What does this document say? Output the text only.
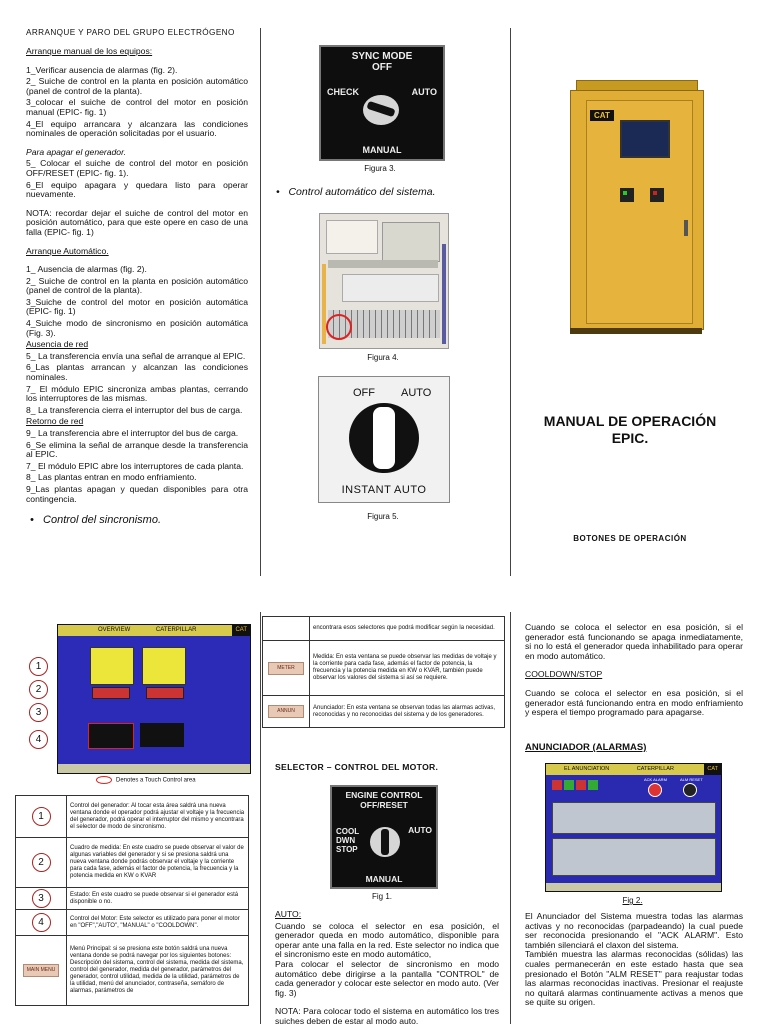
ARRANQUE Y PARO DEL GRUPO ELECTRÓGENO
Arranque manual de los equipos:
1_Verificar ausencia de alarmas (fig. 2).
2_ Suiche de control en la planta en posición automático (panel de control de la planta).
3_colocar el suiche de control del motor en posición manual (EPIC- fig. 1)
4_El equipo arrancara y alcanzara las condiciones nominales de operación solicitadas por el usuario.
Para apagar el generador.
5_ Colocar el suiche de control del motor en posición OFF/RESET (EPIC- fig. 1).
6_El equipo apagara y quedara listo para operar nuevamente.
NOTA: recordar dejar el suiche de control del motor en posición automático, para que este opere en caso de una falla (EPIC- fig. 1)
Arranque Automático.
1_ Ausencia de alarmas (fig. 2).
2_ Suiche de control en la planta en posición automático (panel de control de la planta).
3_Suiche de control del motor en posición automática (EPIC- fig. 1)
4_Suiche modo de sincronismo en posición automática (Fig. 3).
Ausencia de red
5_ La transferencia envía una señal de arranque al EPIC.
6_Las plantas arrancan y alcanzan las condiciones nominales.
7_ El módulo EPIC sincroniza ambas plantas, cerrando los interruptores de las mismas.
8_ La transferencia cierra el interruptor del bus de carga.
Retorno de red
9_ La transferencia abre el interruptor del bus de carga.
6_Se elimina la señal de arranque desde la transferencia al EPIC.
7_ El módulo EPIC abre los interruptores de cada planta.
8_ Las plantas entran en modo enfriamiento.
9_Las plantas apagan y quedan disponibles para otra contingencia.
•   Control del sincronismo.
SYNC MODE
OFF
CHECK	AUTO
MANUAL
Figura 3.
•   Control automático del sistema.
Figura 4.
OFF AUTO
INSTANT AUTO
Figura 5.
CAT
MANUAL DE OPERACIÓN EPIC.
BOTONES DE OPERACIÓN
OVERVIEW	CATERPILLAR	CAT
1
2
3
4
Denotes a Touch Control area
1	Control del generador: Al tocar esta área saldrá una nueva ventana donde el operador podrá ajustar el voltaje y la frecuencia del generador, podrá operar el interruptor del mismo y encontrara el selector de modo de sincronismo.

2	Cuadro de medida: En este cuadro se puede observar el valor de algunas variables del generador y si se presiona saldrá una nueva ventana donde podrás observar el voltaje y la corriente para cada fase, además el factor de potencia, la frecuencia y la potencia medida en KW o KVAR

3	Estado: En este cuadro se puede observar si el generador está disponible o no.

4	Control del Motor: Este selector es utilizado para poner el motor en "OFF","AUTO", "MANUAL" o "COOLDOWN".

MAIN MENU	Menú Principal: si se presiona este botón saldrá una nueva ventana donde se podrá navegar por los siguientes botones: Descripción del sistema, control del sistema, medida del sistema, control del generador, medida del generador, parámetros del generador, control utilidad, medida de la utilidad, parámetros de la utilidad, menú del anunciador, contraseña, semáforo de alarmas, parámetros de
	encontrara esos selectores que podrá modificar según la necesidad.

METER	Medida: En esta ventana se puede observar las medidas de voltaje y la corriente para cada fase, además el factor de potencia, la frecuencia y la potencia medida en KW o KVAR, también puede observar los valores del sistema si así se requiere.

ANNUN	Anunciador: En esta ventana se observan todas las alarmas activas, reconocidas y no reconocidas del sistema y de los generadores.
SELECTOR – CONTROL DEL MOTOR.
ENGINE CONTROL
OFF/RESET
COOL
DWN
STOP
AUTO
MANUAL
Fig 1.
AUTO:
Cuando se coloca el selector en esa posición, el generador queda en modo automático, disponible para operar ante una falla en la red. Este selector no indica que el sincronismo este en modo automático,
Para colocar el selector de sincronismo en modo automático debe dirigirse a la pantalla "CONTROL" de cada generador y colocar este selector en modo auto. (Ver fig. 3)
NOTA: Para colocar todo el sistema en automático los tres suiches deben de estar al modo auto.
Cuando se coloca el selector en esa posición, si el generador está funcionando se apaga inmediatamente, si no lo está el generador queda inhabilitado para operar en modo automático.
COOLDOWN/STOP
Cuando se coloca el selector en esa posición, si el generador está funcionando entra en modo enfriamiento y espera el tiempo programado para apagarse.
ANUNCIADOR (ALARMAS)
EL ANUNCIATION	CATERPILLAR	CAT
ACK ALARM	ALM RESET
Fig 2.
El Anunciador del Sistema muestra todas las alarmas activas y no reconocidas (parpadeando) la cual puede ser reconocida presionando el "ACK ALARM". Esto también silenciará el claxon del sistema.
También muestra las alarmas reconocidas (sólidas) las cuales permanecerán en este estado hasta que sea presionado el Botón "ALM RESET" para reajustar todas las alarmas reconocidas inactivas. Presionar el reajuste no quitará alarmas continuamente activas a menos que se quite su origen.
